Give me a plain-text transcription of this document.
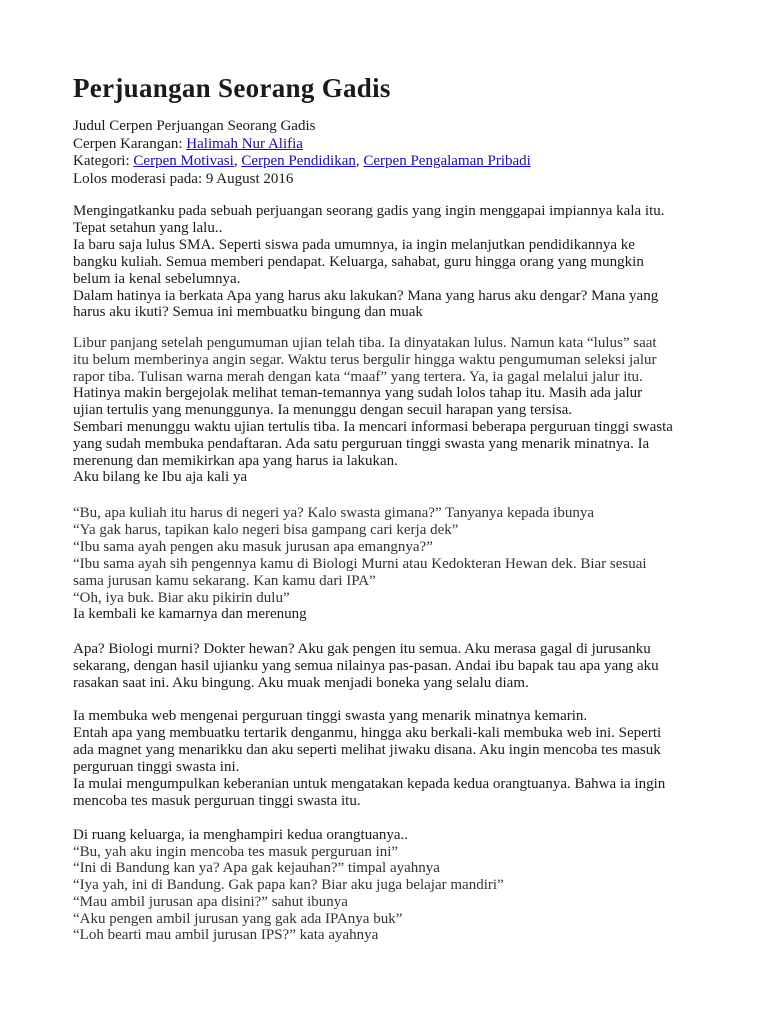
Perjuangan Seorang Gadis
Judul Cerpen Perjuangan Seorang Gadis
Cerpen Karangan: Halimah Nur Alifia
Kategori: Cerpen Motivasi, Cerpen Pendidikan, Cerpen Pengalaman Pribadi
Lolos moderasi pada: 9 August 2016
Mengingatkanku pada sebuah perjuangan seorang gadis yang ingin menggapai impiannya kala itu.
Tepat setahun yang lalu..
Ia baru saja lulus SMA. Seperti siswa pada umumnya, ia ingin melanjutkan pendidikannya ke
bangku kuliah. Semua memberi pendapat. Keluarga, sahabat, guru hingga orang yang mungkin
belum ia kenal sebelumnya.
Dalam hatinya ia berkata Apa yang harus aku lakukan? Mana yang harus aku dengar? Mana yang
harus aku ikuti? Semua ini membuatku bingung dan muak
Libur panjang setelah pengumuman ujian telah tiba. Ia dinyatakan lulus. Namun kata “lulus” saat
itu belum memberinya angin segar. Waktu terus bergulir hingga waktu pengumuman seleksi jalur
rapor tiba. Tulisan warna merah dengan kata “maaf” yang tertera. Ya, ia gagal melalui jalur itu.
Hatinya makin bergejolak melihat teman-temannya yang sudah lolos tahap itu. Masih ada jalur
ujian tertulis yang menunggunya. Ia menunggu dengan secuil harapan yang tersisa.
Sembari menunggu waktu ujian tertulis tiba. Ia mencari informasi beberapa perguruan tinggi swasta
yang sudah membuka pendaftaran. Ada satu perguruan tinggi swasta yang menarik minatnya. Ia
merenung dan memikirkan apa yang harus ia lakukan.
Aku bilang ke Ibu aja kali ya
“Bu, apa kuliah itu harus di negeri ya? Kalo swasta gimana?” Tanyanya kepada ibunya
“Ya gak harus, tapikan kalo negeri bisa gampang cari kerja dek”
“Ibu sama ayah pengen aku masuk jurusan apa emangnya?”
“Ibu sama ayah sih pengennya kamu di Biologi Murni atau Kedokteran Hewan dek. Biar sesuai
sama jurusan kamu sekarang. Kan kamu dari IPA”
“Oh, iya buk. Biar aku pikirin dulu”
Ia kembali ke kamarnya dan merenung
Apa? Biologi murni? Dokter hewan? Aku gak pengen itu semua. Aku merasa gagal di jurusanku
sekarang, dengan hasil ujianku yang semua nilainya pas-pasan. Andai ibu bapak tau apa yang aku
rasakan saat ini. Aku bingung. Aku muak menjadi boneka yang selalu diam.
Ia membuka web mengenai perguruan tinggi swasta yang menarik minatnya kemarin.
Entah apa yang membuatku tertarik denganmu, hingga aku berkali-kali membuka web ini. Seperti
ada magnet yang menarikku dan aku seperti melihat jiwaku disana. Aku ingin mencoba tes masuk
perguruan tinggi swasta ini.
Ia mulai mengumpulkan keberanian untuk mengatakan kepada kedua orangtuanya. Bahwa ia ingin
mencoba tes masuk perguruan tinggi swasta itu.
Di ruang keluarga, ia menghampiri kedua orangtuanya..
“Bu, yah aku ingin mencoba tes masuk perguruan ini”
“Ini di Bandung kan ya? Apa gak kejauhan?” timpal ayahnya
“Iya yah, ini di Bandung. Gak papa kan? Biar aku juga belajar mandiri”
“Mau ambil jurusan apa disini?” sahut ibunya
“Aku pengen ambil jurusan yang gak ada IPAnya buk”
“Loh bearti mau ambil jurusan IPS?” kata ayahnya
